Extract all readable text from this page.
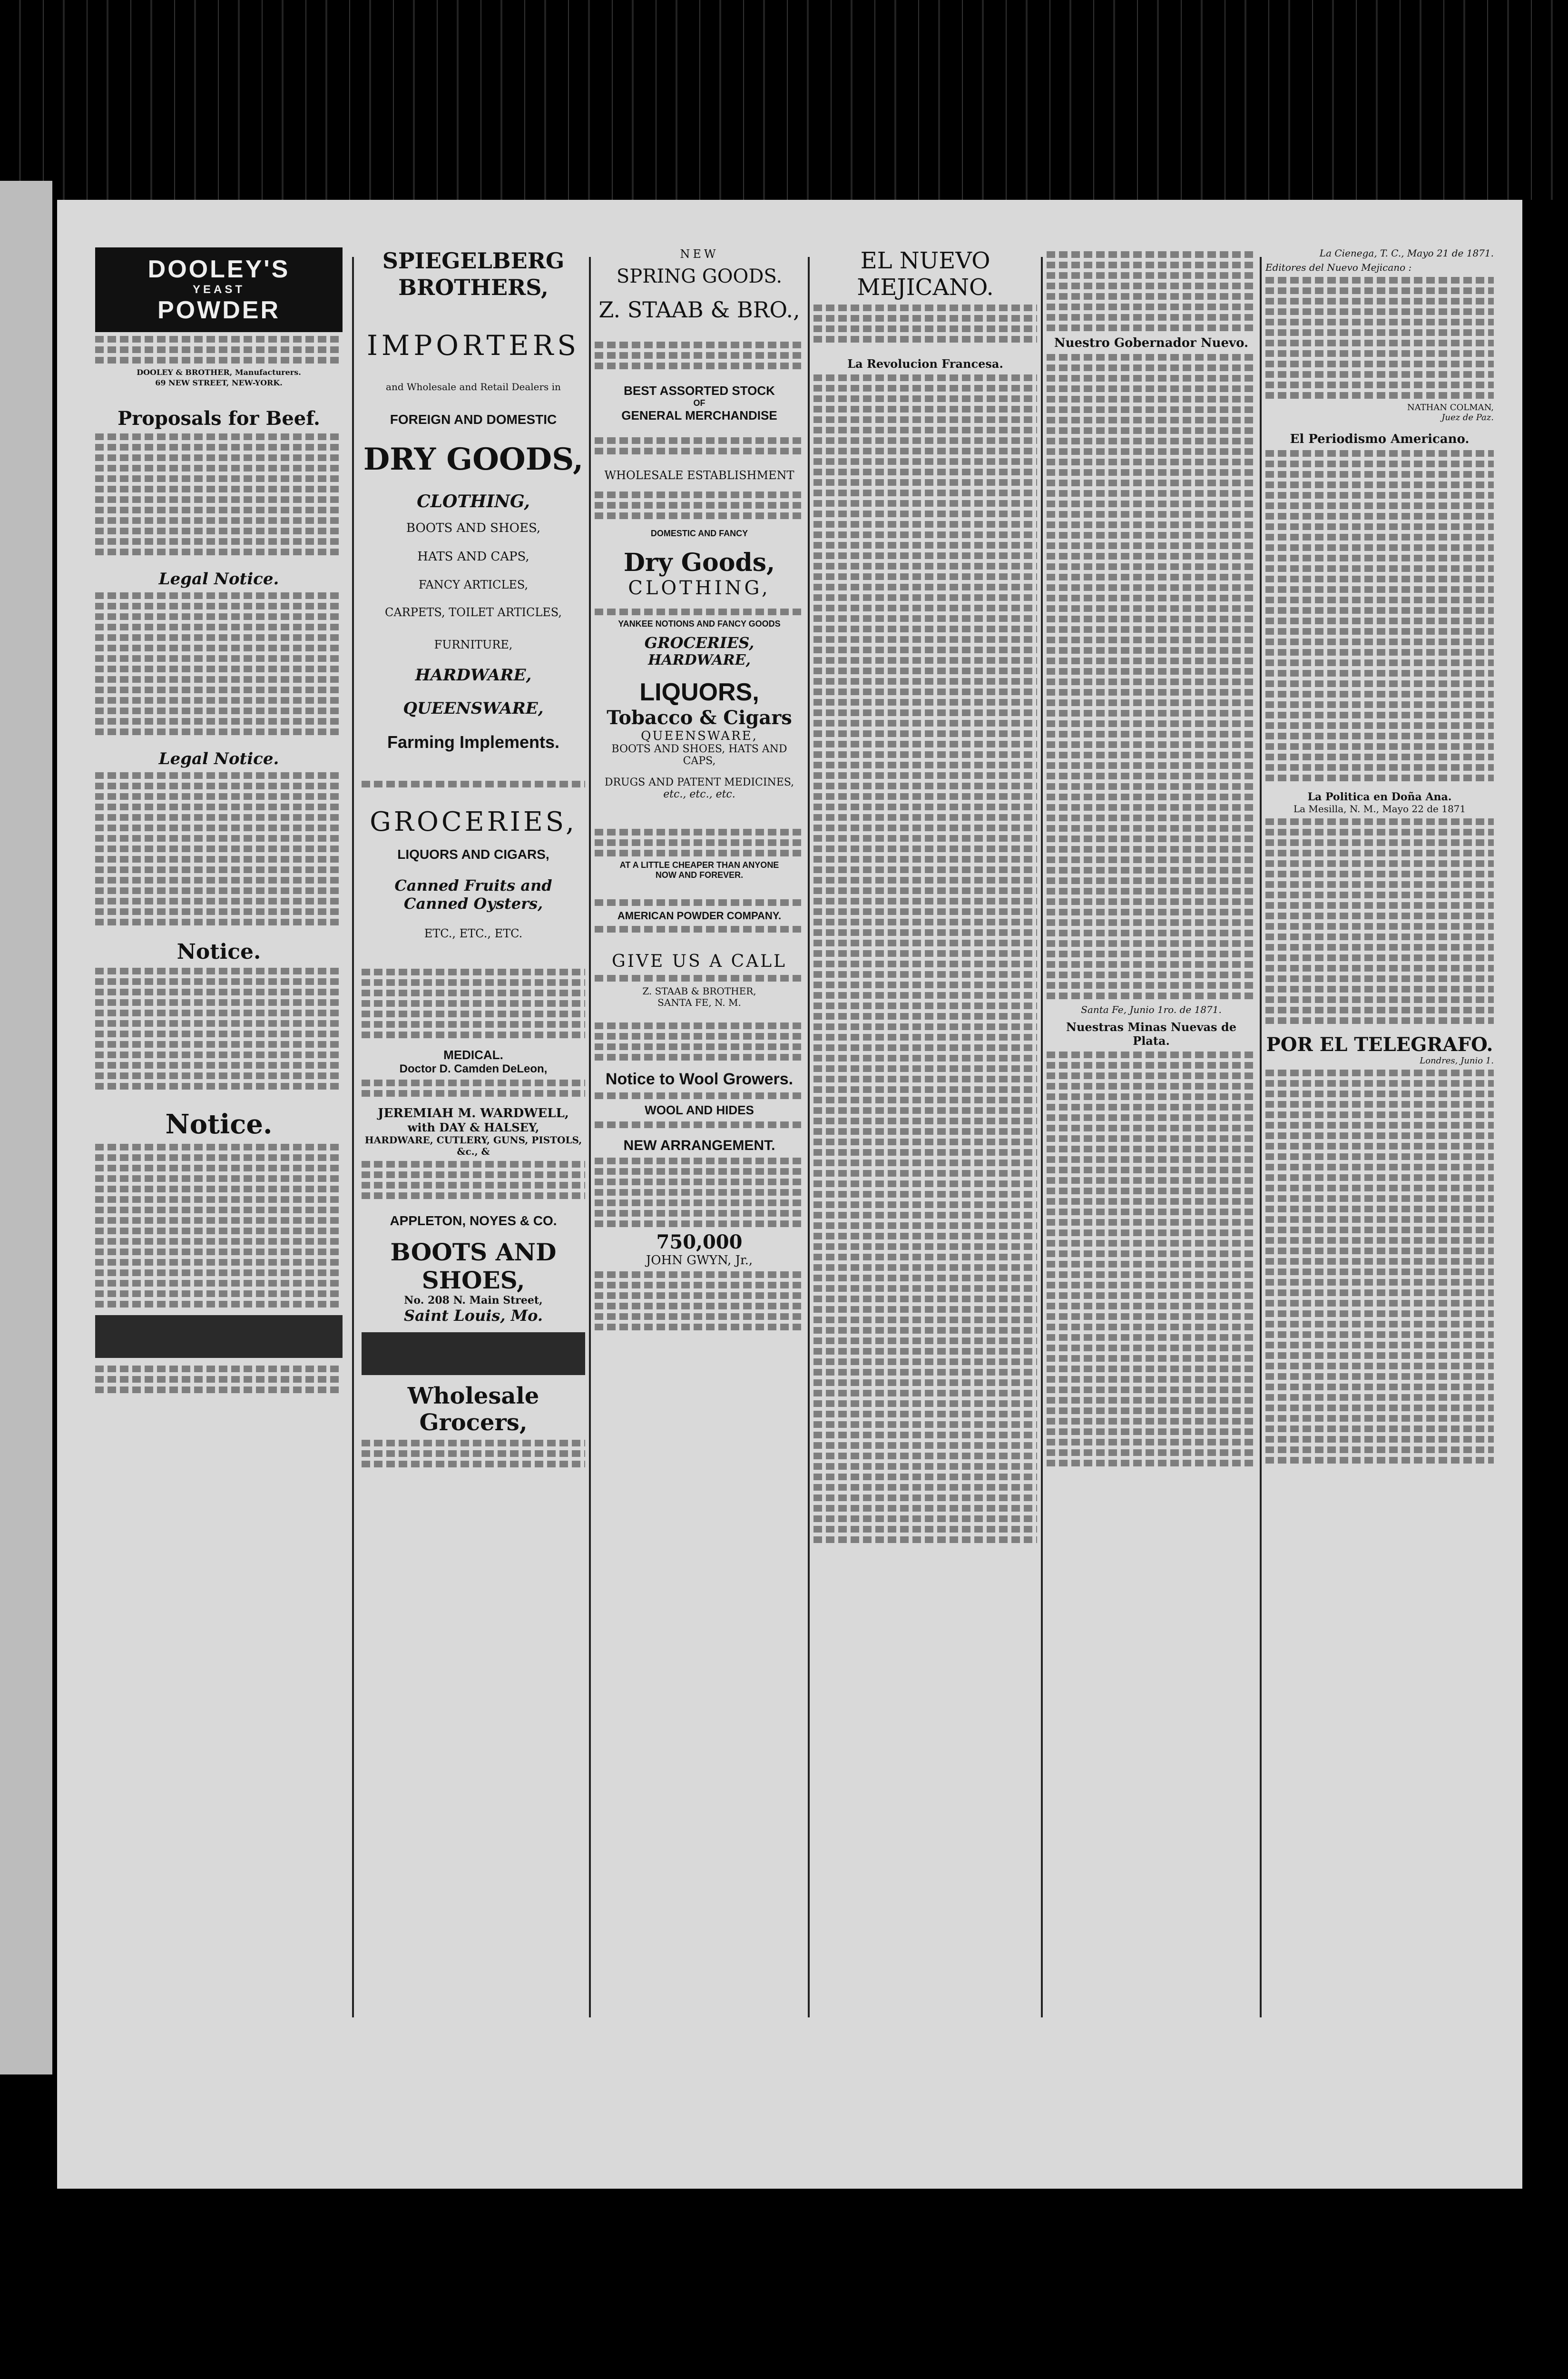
DOOLEY'S
YEAST
POWDER
DOOLEY & BROTHER, Manufacturers.
69 NEW STREET, NEW-YORK.
Proposals for Beef.
Legal Notice.
Legal Notice.
Notice.
Notice.
SPIEGELBERG BROTHERS,
IMPORTERS
and Wholesale and Retail Dealers in
FOREIGN AND DOMESTIC
DRY GOODS,
CLOTHING,
BOOTS AND SHOES,
HATS AND CAPS,
FANCY ARTICLES,
CARPETS, TOILET ARTICLES,
FURNITURE,
HARDWARE,
QUEENSWARE,
Farming Implements.
GROCERIES,
LIQUORS AND CIGARS,
Canned Fruits and Canned Oysters,
ETC., ETC., ETC.
MEDICAL.
Doctor D. Camden DeLeon,
JEREMIAH M. WARDWELL,
with DAY & HALSEY,
HARDWARE, CUTLERY, GUNS, PISTOLS, &c., &
APPLETON, NOYES & CO.
BOOTS AND SHOES,
No. 208 N. Main Street,
Saint Louis, Mo.
Wholesale Grocers,
NEW
SPRING GOODS.
Z. STAAB & BRO.,
BEST ASSORTED STOCK
OF
GENERAL MERCHANDISE
WHOLESALE ESTABLISHMENT
DOMESTIC AND FANCY
Dry Goods,
CLOTHING,
YANKEE NOTIONS AND FANCY GOODS
GROCERIES,
HARDWARE,
LIQUORS,
Tobacco & Cigars
QUEENSWARE,
BOOTS AND SHOES, HATS AND CAPS,
DRUGS AND PATENT MEDICINES,
etc., etc., etc.
AT A LITTLE CHEAPER THAN ANYONE
NOW AND FOREVER.
AMERICAN POWDER COMPANY.
GIVE US A CALL
Z. STAAB & BROTHER,
SANTA FE, N. M.
Notice to Wool Growers.
WOOL AND HIDES
NEW ARRANGEMENT.
750,000
JOHN GWYN, Jr.,
EL NUEVO MEJICANO.
La Revolucion Francesa.
Nuestro Gobernador Nuevo.
Santa Fe, Junio 1ro. de 1871.
Nuestras Minas Nuevas de Plata.
La Cienega, T. C., Mayo 21 de 1871.
Editores del Nuevo Mejicano :
NATHAN COLMAN,
Juez de Paz.
El Periodismo Americano.
La Politica en Doña Ana.
La Mesilla, N. M., Mayo 22 de 1871
POR EL TELEGRAFO.
Londres, Junio 1.
